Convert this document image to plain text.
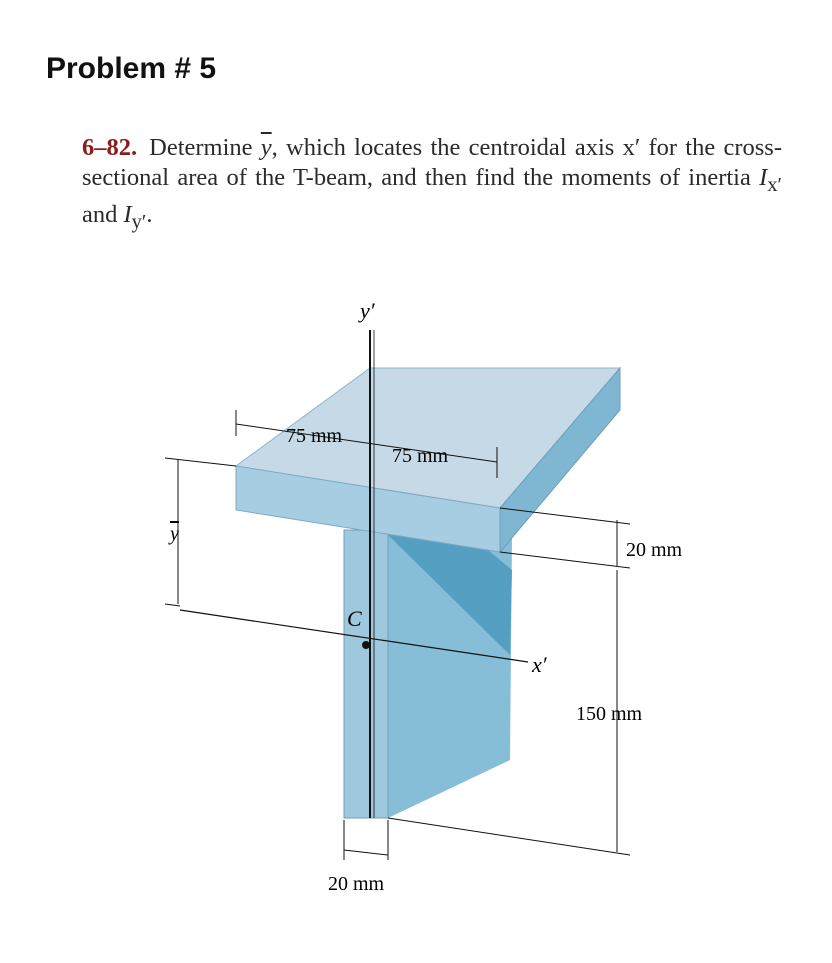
Problem # 5
6–82. Determine $\overline{y}$, which locates the centroidal axis x′ for the cross-sectional area of the T-beam, and then find the moments of inertia $I_{x'}$ and $I_{y'}$.
y′
x′
C
y
75 mm
75 mm
20 mm
150 mm
20 mm
